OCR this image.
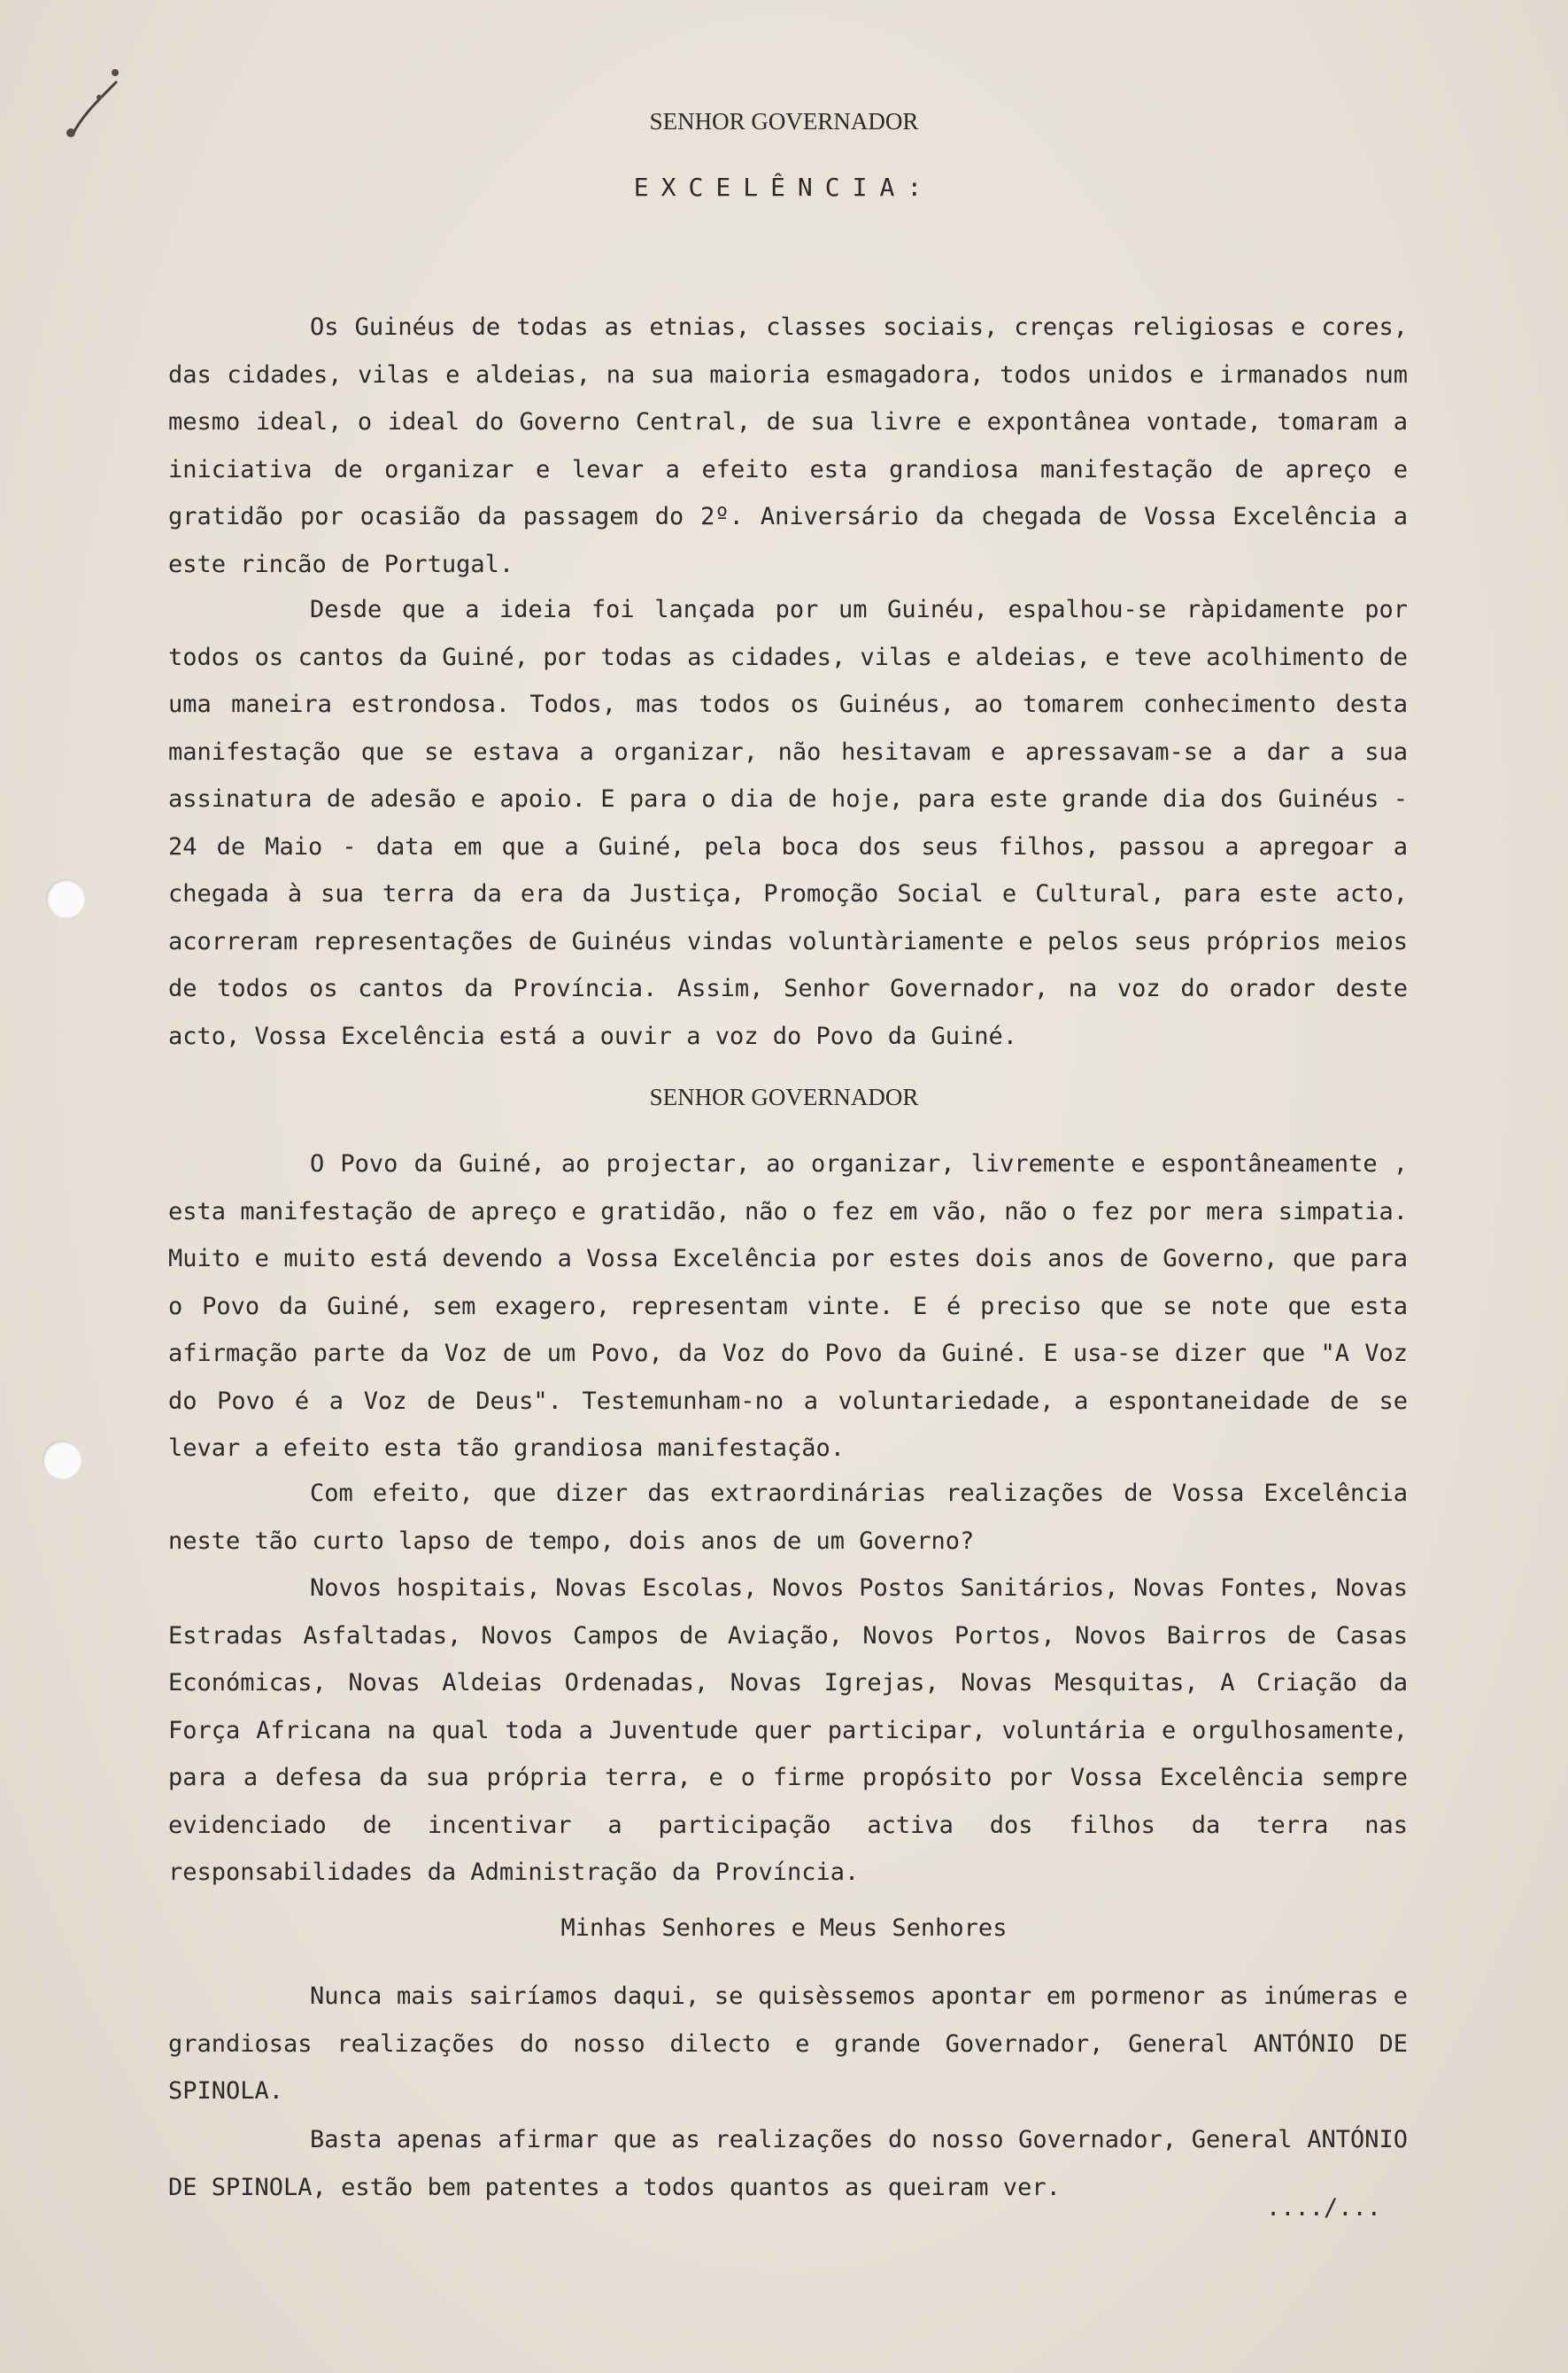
SENHOR GOVERNADOR
EXCELÊNCIA:

Os Guinéus de todas as etnias, classes sociais, crenças religiosas e cores, das cidades, vilas e aldeias, na sua maioria esmagadora, todos unidos e irmanados num mesmo ideal, o ideal do Governo Central, de sua livre e expontânea vontade, tomaram a iniciativa de organizar e levar a efeito esta grandiosa manifestação de apreço e gratidão por ocasião da passagem do 2º. Aniversário da chegada de Vossa Excelência a este rincão de Portugal.

Desde que a ideia foi lançada por um Guinéu, espalhou-se ràpidamente por todos os cantos da Guiné, por todas as cidades, vilas e aldeias, e teve acolhimento de uma maneira estrondosa. Todos, mas todos os Guinéus, ao tomarem conhecimento desta manifestação que se estava a organizar, não hesitavam e apressavam-se a dar a sua assinatura de adesão e apoio. E para o dia de hoje, para este grande dia dos Guinéus - 24 de Maio - data em que a Guiné, pela boca dos seus filhos, passou a apregoar a chegada à sua terra da era da Justiça, Promoção Social e Cultural, para este acto, acorreram representações de Guinéus vindas voluntàriamente e pelos seus próprios meios de todos os cantos da Província. Assim, Senhor Governador, na voz do orador deste acto, Vossa Excelência está a ouvir a voz do Povo da Guiné.

SENHOR GOVERNADOR

O Povo da Guiné, ao projectar, ao organizar, livremente e espontâneamente , esta manifestação de apreço e gratidão, não o fez em vão, não o fez por mera simpatia. Muito e muito está devendo a Vossa Excelência por estes dois anos de Governo, que para o Povo da Guiné, sem exagero, representam vinte. E é preciso que se note que esta afirmação parte da Voz de um Povo, da Voz do Povo da Guiné. E usa-se dizer que "A Voz do Povo é a Voz de Deus". Testemunham-no a voluntariedade, a espontaneidade de se levar a efeito esta tão grandiosa manifestação.

Com efeito, que dizer das extraordinárias realizações de Vossa Excelência neste tão curto lapso de tempo, dois anos de um Governo?

Novos hospitais, Novas Escolas, Novos Postos Sanitários, Novas Fontes, Novas Estradas Asfaltadas, Novos Campos de Aviação, Novos Portos, Novos Bairros de Casas Económicas, Novas Aldeias Ordenadas, Novas Igrejas, Novas Mesquitas, A Criação da Força Africana na qual toda a Juventude quer participar, voluntária e orgulhosamente, para a defesa da sua própria terra, e o firme propósito por Vossa Excelência sempre evidenciado de incentivar a participação activa dos filhos da terra nas responsabilidades da Administração da Província.

Minhas Senhores e Meus Senhores

Nunca mais sairíamos daqui, se quisèssemos apontar em pormenor as inúmeras e grandiosas realizações do nosso dilecto e grande Governador, General ANTÓNIO DE SPINOLA.

Basta apenas afirmar que as realizações do nosso Governador, General ANTÓNIO DE SPINOLA, estão bem patentes a todos quantos as queiram ver.

..../...
